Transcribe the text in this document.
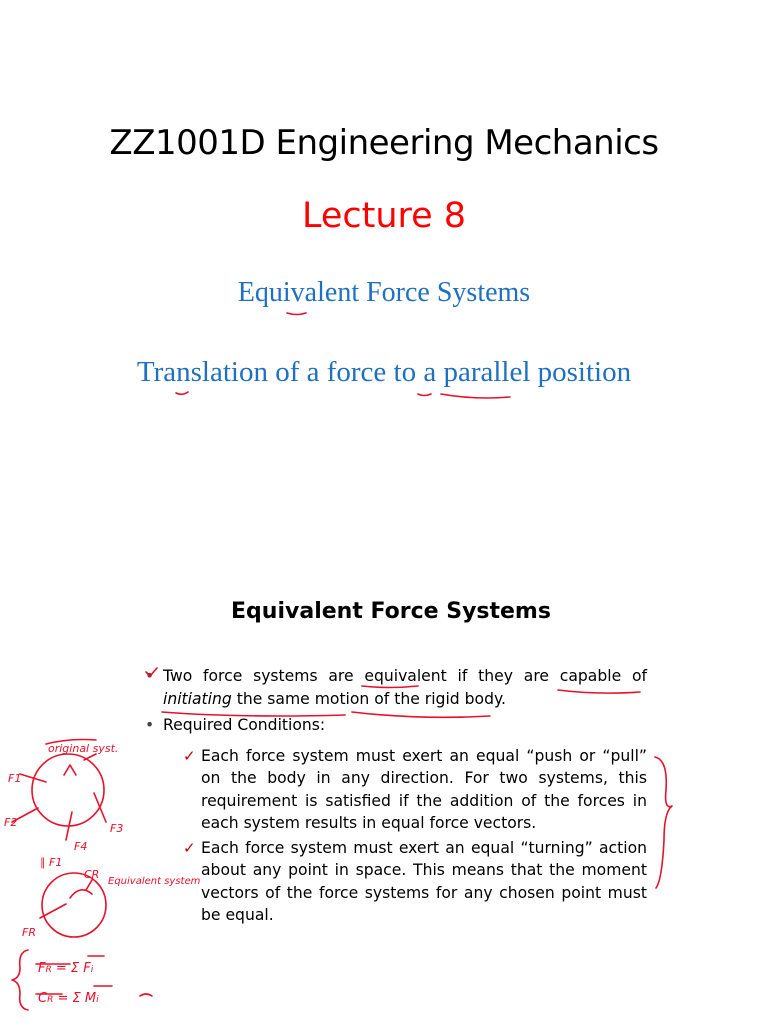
ZZ1001D Engineering Mechanics
Lecture 8
Equivalent Force Systems
Translation of a force to a parallel position
Equivalent Force Systems
• Two force systems are equivalent if they are capable of initiating the same motion of the rigid body.
• Required Conditions:
✓ Each force system must exert an equal “push or “pull” on the body in any direction. For two systems, this requirement is satisfied if the addition of the forces in each system results in equal force vectors.
✓ Each force system must exert an equal “turning” action about any point in space. This means that the moment vectors of the force systems for any chosen point must be equal.
original syst.
Equivalent system
F1
F2	F3
F4
∥ F1
CR
FR
FR = Σ Fi
CR = Σ Mi
